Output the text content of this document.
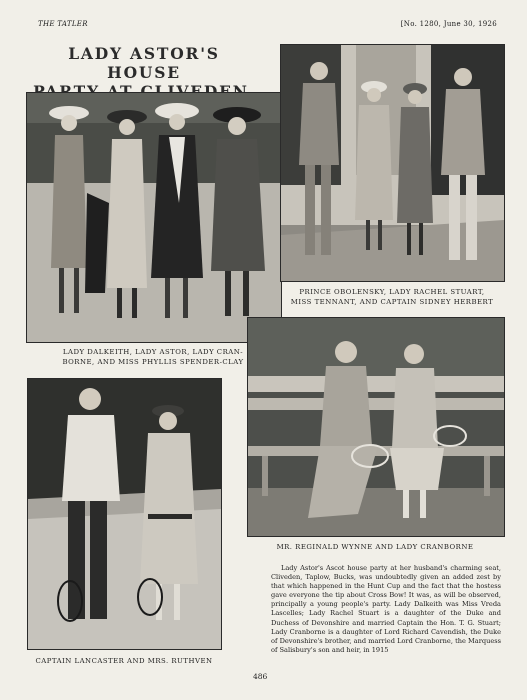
THE TATLER	[No. 1280, June 30, 1926
LADY ASTOR'S HOUSE
LADY DALKEITH, LADY ASTOR, LADY CRAN-
BORNE, AND MISS PHYLLIS SPENDER-CLAY
PRINCE OBOLENSKY, LADY RACHEL STUART,
MISS TENNANT, AND CAPTAIN SIDNEY HERBERT
MR. REGINALD WYNNE AND LADY CRANBORNE
CAPTAIN LANCASTER AND MRS. RUTHVEN
Lady Astor's Ascot house party at her husband's charming seat, Cliveden, Taplow, Bucks, was undoubtedly given an added zest by that which happened in the Hunt Cup and the fact that the hostess gave everyone the tip about Cross Bow! It was, as will be observed, principally a young people's party. Lady Dalkeith was Miss Vreda Lascelles; Lady Rachel Stuart is a daughter of the Duke and Duchess of Devonshire and married Captain the Hon. T. G. Stuart; Lady Cranborne is a daughter of Lord Richard Cavendish, the Duke of Devonshire's brother, and married Lord Cranborne, the Marquess of Salisbury's son and heir, in 1915
486
